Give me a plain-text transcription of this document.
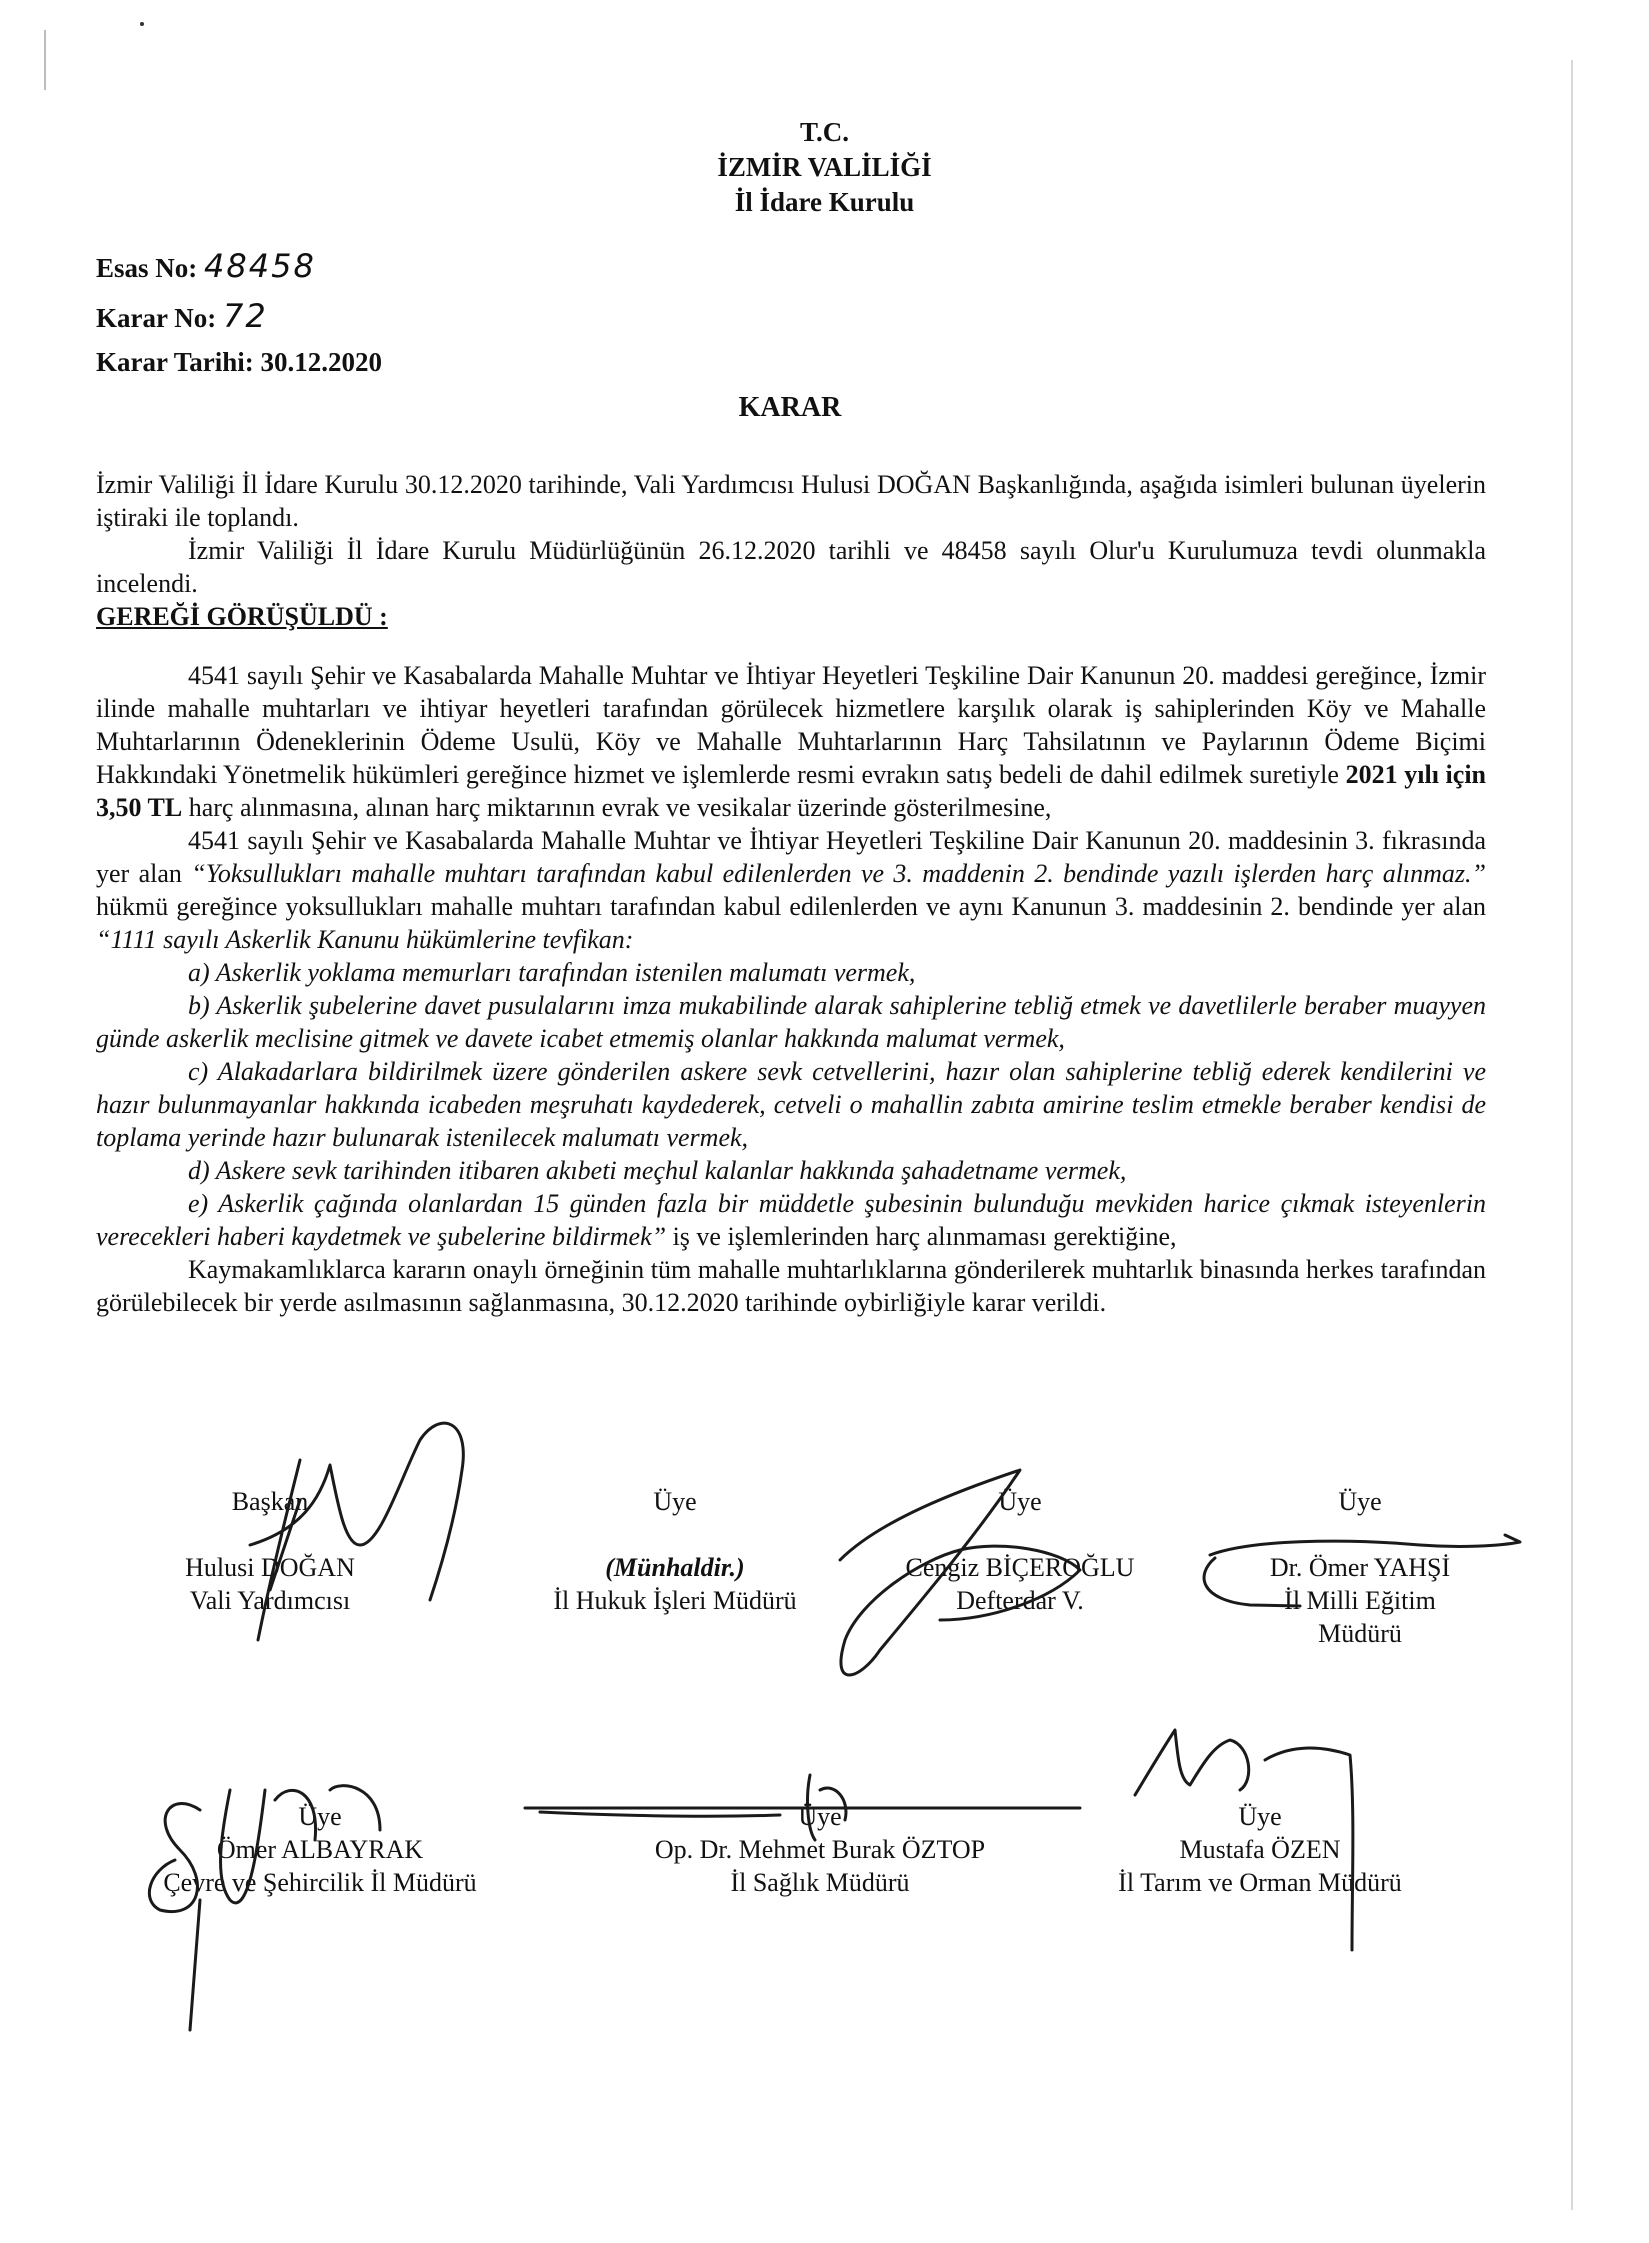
T.C.
İZMİR VALİLİĞİ
İl İdare Kurulu
Esas No: 48458
Karar No: 72
Karar Tarihi: 30.12.2020
KARAR

İzmir Valiliği İl İdare Kurulu 30.12.2020 tarihinde, Vali Yardımcısı Hulusi DOĞAN Başkanlığında, aşağıda isimleri bulunan üyelerin iştiraki ile toplandı.

İzmir Valiliği İl İdare Kurulu Müdürlüğünün 26.12.2020 tarihli ve 48458 sayılı Olur'u Kurulumuza tevdi olunmakla incelendi.

GEREĞİ GÖRÜŞÜLDÜ :

4541 sayılı Şehir ve Kasabalarda Mahalle Muhtar ve İhtiyar Heyetleri Teşkiline Dair Kanunun 20. maddesi gereğince, İzmir ilinde mahalle muhtarları ve ihtiyar heyetleri tarafından görülecek hizmetlere karşılık olarak iş sahiplerinden Köy ve Mahalle Muhtarlarının Ödeneklerinin Ödeme Usulü, Köy ve Mahalle Muhtarlarının Harç Tahsilatının ve Paylarının Ödeme Biçimi Hakkındaki Yönetmelik hükümleri gereğince hizmet ve işlemlerde resmi evrakın satış bedeli de dahil edilmek suretiyle 2021 yılı için 3,50 TL harç alınmasına, alınan harç miktarının evrak ve vesikalar üzerinde gösterilmesine,

4541 sayılı Şehir ve Kasabalarda Mahalle Muhtar ve İhtiyar Heyetleri Teşkiline Dair Kanunun 20. maddesinin 3. fıkrasında yer alan “Yoksullukları mahalle muhtarı tarafından kabul edilenlerden ve 3. maddenin 2. bendinde yazılı işlerden harç alınmaz.” hükmü gereğince yoksullukları mahalle muhtarı tarafından kabul edilenlerden ve aynı Kanunun 3. maddesinin 2. bendinde yer alan “1111 sayılı Askerlik Kanunu hükümlerine tevfikan:

a) Askerlik yoklama memurları tarafından istenilen malumatı vermek,

b) Askerlik şubelerine davet pusulalarını imza mukabilinde alarak sahiplerine tebliğ etmek ve davetlilerle beraber muayyen günde askerlik meclisine gitmek ve davete icabet etmemiş olanlar hakkında malumat vermek,

c) Alakadarlara bildirilmek üzere gönderilen askere sevk cetvellerini, hazır olan sahiplerine tebliğ ederek kendilerini ve hazır bulunmayanlar hakkında icabeden meşruhatı kaydederek, cetveli o mahallin zabıta amirine teslim etmekle beraber kendisi de toplama yerinde hazır bulunarak istenilecek malumatı vermek,

d) Askere sevk tarihinden itibaren akıbeti meçhul kalanlar hakkında şahadetname vermek,

e) Askerlik çağında olanlardan 15 günden fazla bir müddetle şubesinin bulunduğu mevkiden harice çıkmak isteyenlerin verecekleri haberi kaydetmek ve şubelerine bildirmek” iş ve işlemlerinden harç alınmaması gerektiğine,

Kaymakamlıklarca kararın onaylı örneğinin tüm mahalle muhtarlıklarına gönderilerek muhtarlık binasında herkes tarafından görülebilecek bir yerde asılmasının sağlanmasına, 30.12.2020 tarihinde oybirliğiyle karar verildi.

Başkan
Hulusi DOĞAN
Vali Yardımcısı
Üye
(Münhaldir.)
İl Hukuk İşleri Müdürü
Üye
Cengiz BİÇEROĞLU
Defterdar V.
Üye
Dr. Ömer YAHŞİ
İl Milli Eğitim
Müdürü
Üye
Ömer ALBAYRAK
Çevre ve Şehircilik İl Müdürü
Üye
Op. Dr. Mehmet Burak ÖZTOP
İl Sağlık Müdürü
Üye
Mustafa ÖZEN
İl Tarım ve Orman Müdürü
